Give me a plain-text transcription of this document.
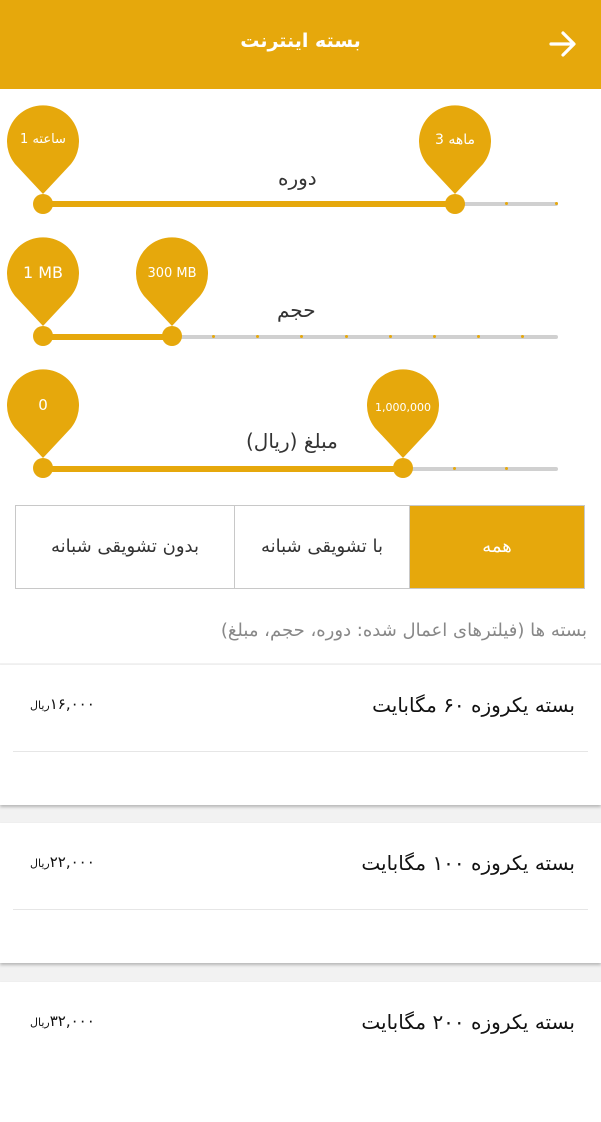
بسته اینترنت
دوره
1 ساعته	3 ماهه
حجم
1 MB	300 MB
مبلغ (ریال)
0	1,000,000
بدون تشویقی شبانه	با تشویقی شبانه	همه
بسته ها (فیلترهای اعمال شده: دوره، حجم، مبلغ)
بسته یکروزه ۶۰ مگابایت
۱۶,۰۰۰ریال
بسته یکروزه ۱۰۰ مگابایت
۲۲,۰۰۰ریال
بسته یکروزه ۲۰۰ مگابایت
۳۲,۰۰۰ریال
